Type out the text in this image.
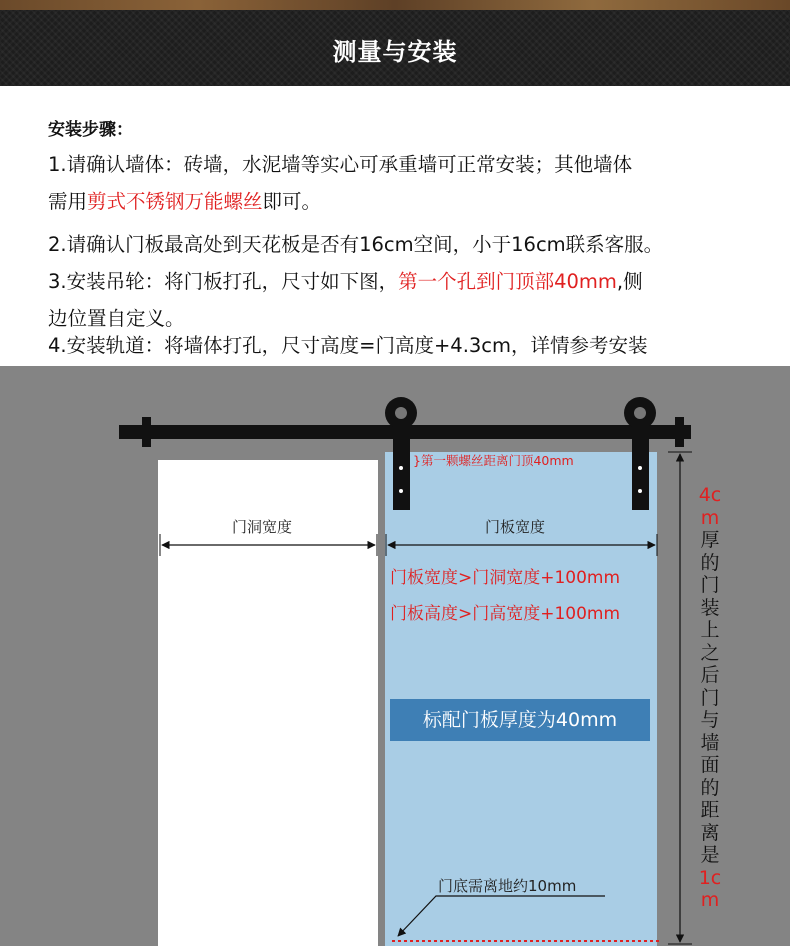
测量与安装
安装步骤：
1.请确认墙体：砖墙，水泥墙等实心可承重墙可正常安装；其他墙体
需用剪式不锈钢万能螺丝即可。
2.请确认门板最高处到天花板是否有16cm空间，小于16cm联系客服。
3.安装吊轮：将门板打孔，尺寸如下图，第一个孔到门顶部40mm,侧
边位置自定义。
4.安装轨道：将墙体打孔，尺寸高度=门高度+4.3cm，详情参考安装
}第一颗螺丝距离门顶40mm
门洞宽度	门板宽度
门板宽度>门洞宽度+100mm
门板高度>门高宽度+100mm
标配门板厚度为40mm
4cm厚的门装上之后门与墙面的距离是1cm
门底需离地约10mm
